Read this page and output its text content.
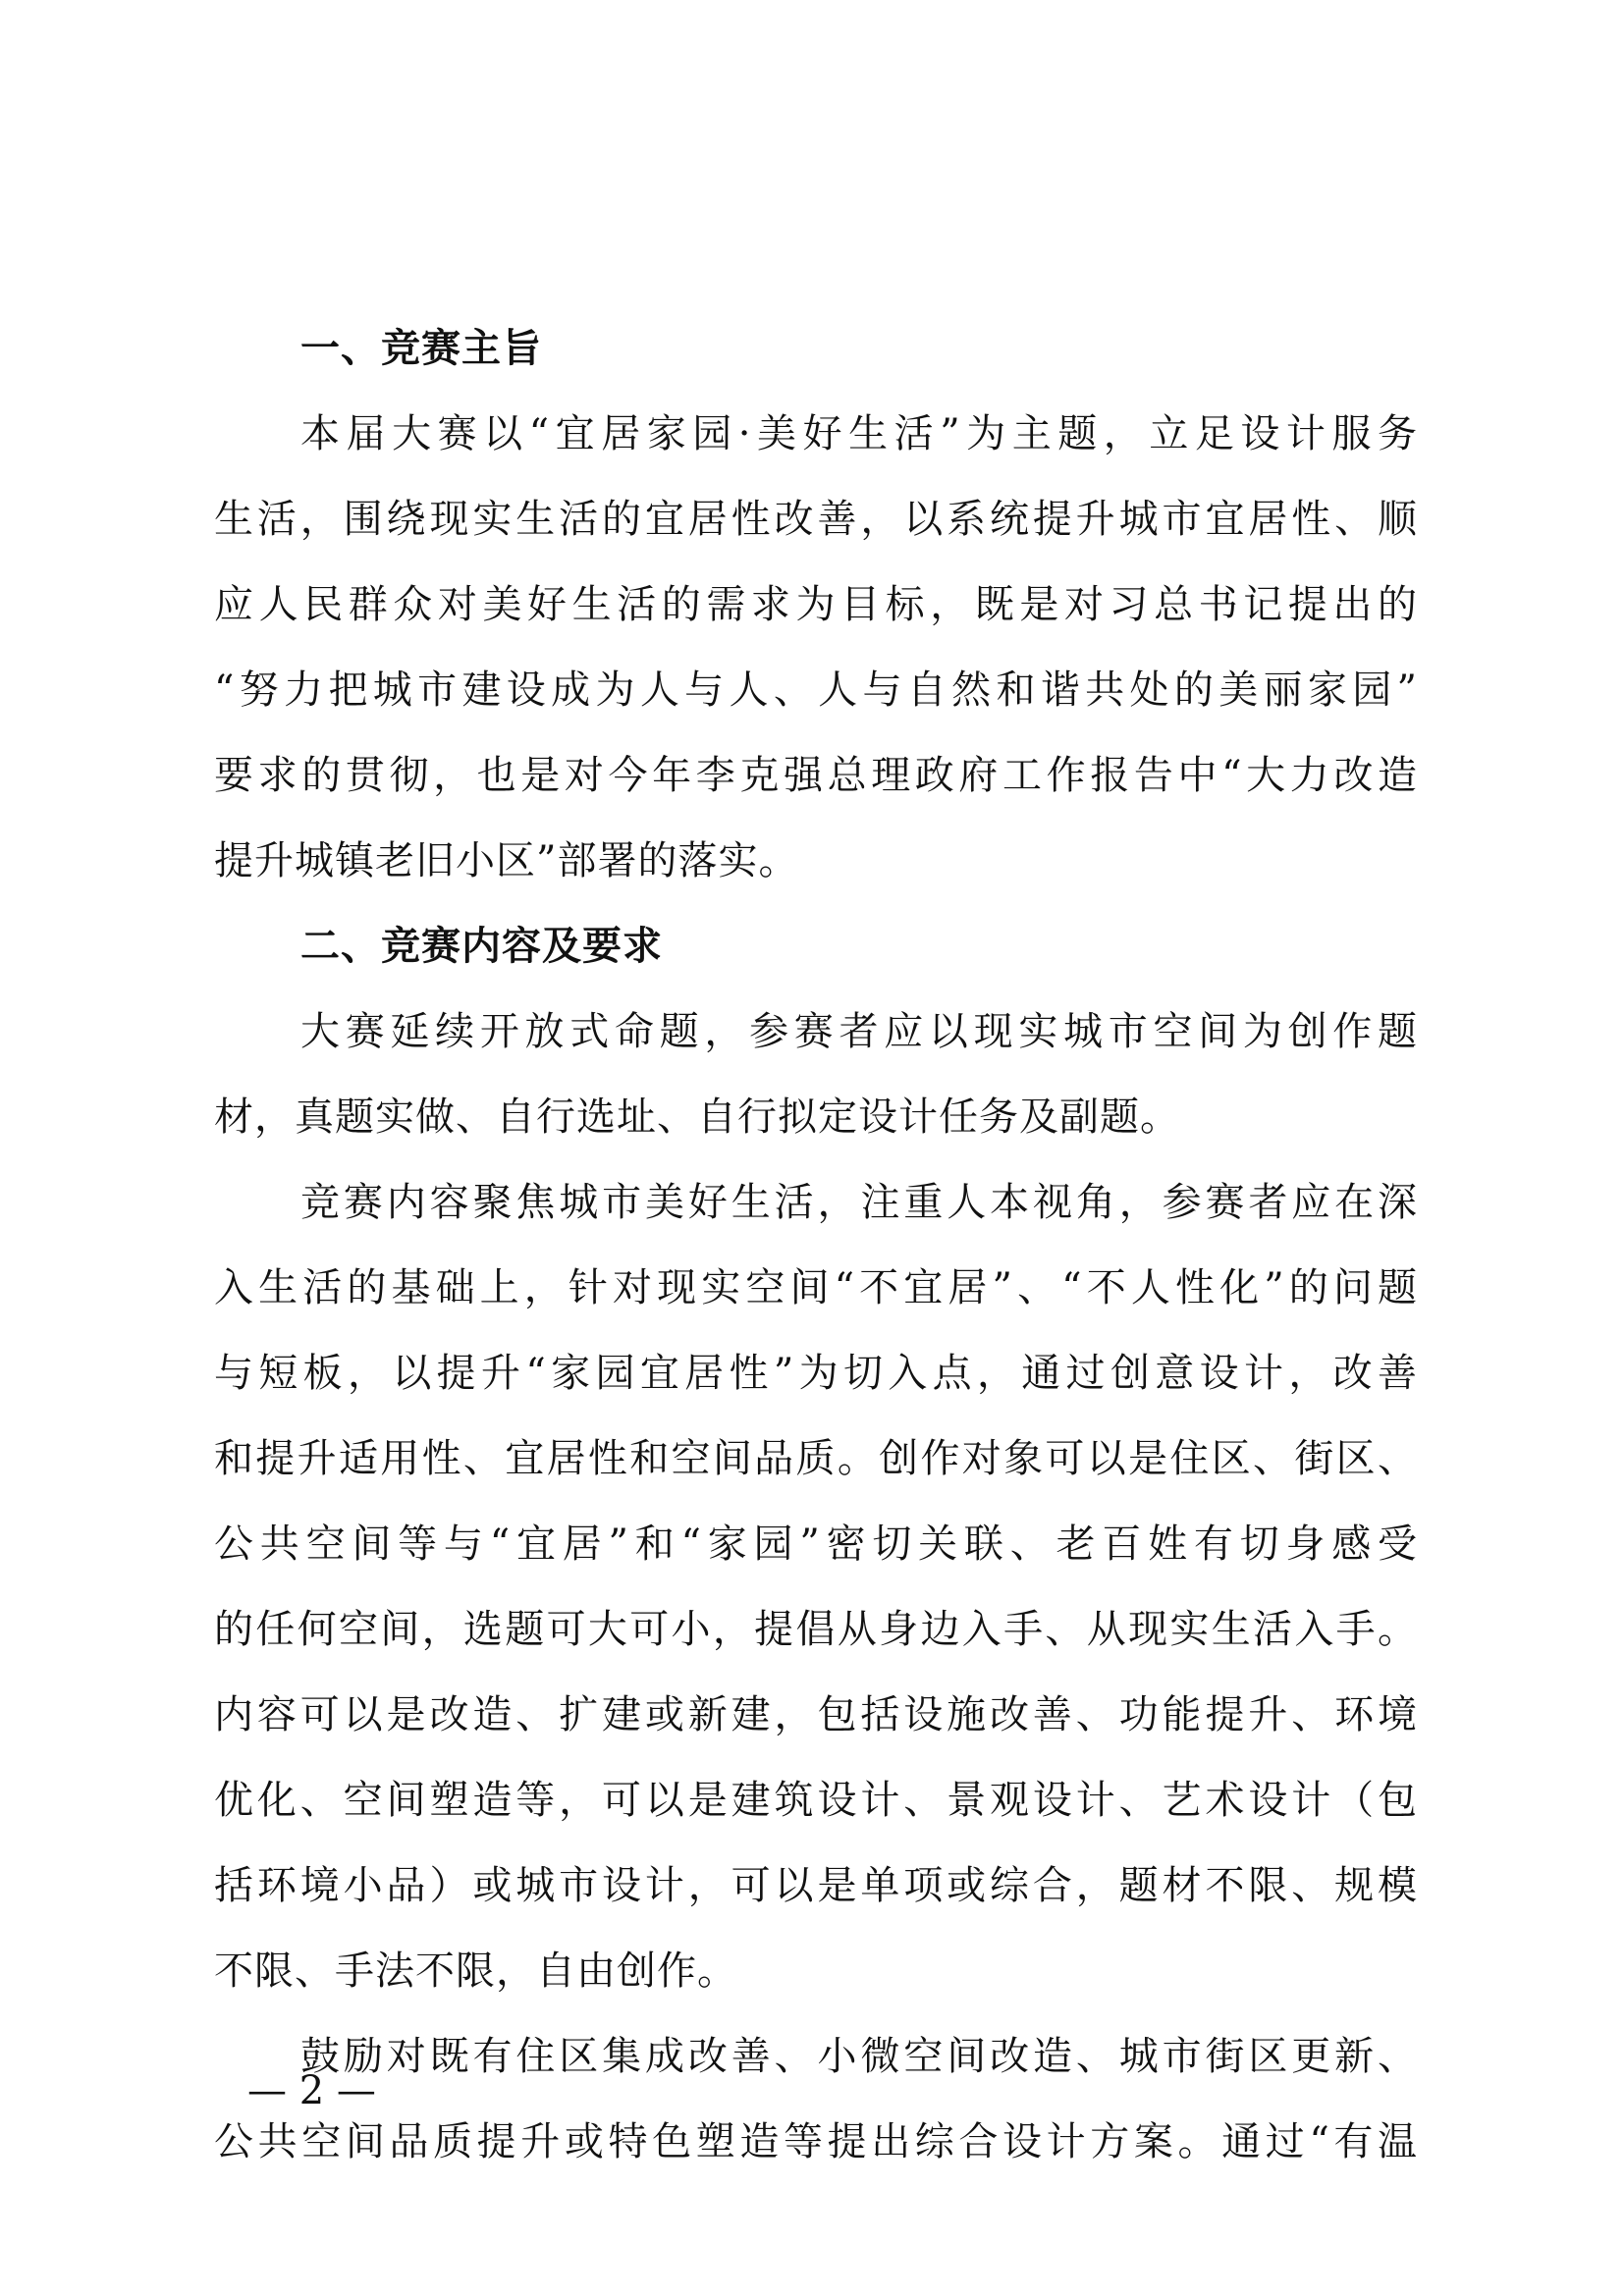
一、竞赛主旨

本届大赛以“宜居家园·美好生活”为主题，立足设计服务
生活，围绕现实生活的宜居性改善，以系统提升城市宜居性、顺
应人民群众对美好生活的需求为目标，既是对习总书记提出的
“努力把城市建设成为人与人、人与自然和谐共处的美丽家园”
要求的贯彻，也是对今年李克强总理政府工作报告中“大力改造
提升城镇老旧小区”部署的落实。

二、竞赛内容及要求

大赛延续开放式命题，参赛者应以现实城市空间为创作题
材，真题实做、自行选址、自行拟定设计任务及副题。

竞赛内容聚焦城市美好生活，注重人本视角，参赛者应在深
入生活的基础上，针对现实空间“不宜居”、“不人性化”的问题
与短板，以提升“家园宜居性”为切入点，通过创意设计，改善
和提升适用性、宜居性和空间品质。创作对象可以是住区、街区、
公共空间等与“宜居”和“家园”密切关联、老百姓有切身感受
的任何空间，选题可大可小，提倡从身边入手、从现实生活入手。
内容可以是改造、扩建或新建，包括设施改善、功能提升、环境
优化、空间塑造等，可以是建筑设计、景观设计、艺术设计（包
括环境小品）或城市设计，可以是单项或综合，题材不限、规模
不限、手法不限，自由创作。

鼓励对既有住区集成改善、小微空间改造、城市街区更新、
公共空间品质提升或特色塑造等提出综合设计方案。通过“有温

— 2 —
